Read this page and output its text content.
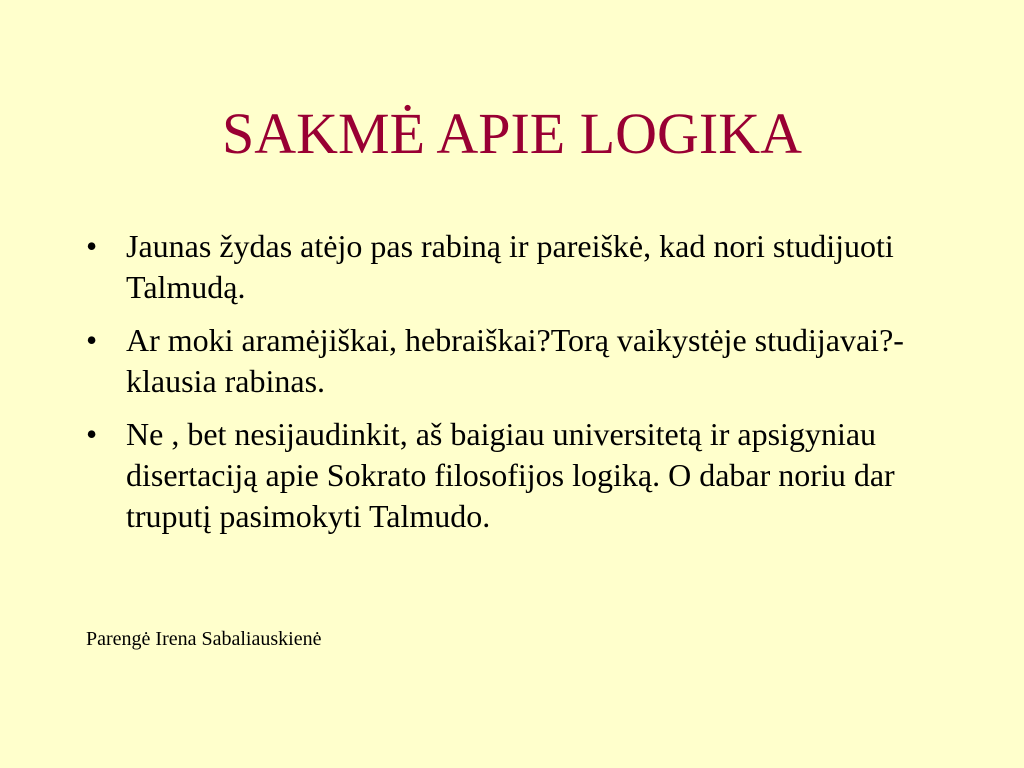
SAKMĖ APIE LOGIKA
• Jaunas žydas atėjo pas rabiną ir pareiškė, kad nori studijuoti Talmudą.
• Ar moki aramėjiškai, hebraiškai?Torą vaikystėje studijavai?-klausia rabinas.
• Ne , bet nesijaudinkit, aš baigiau universitetą ir apsigyniau disertaciją apie Sokrato filosofijos logiką. O dabar noriu dar truputį pasimokyti Talmudo.

Parengė Irena Sabaliauskienė
